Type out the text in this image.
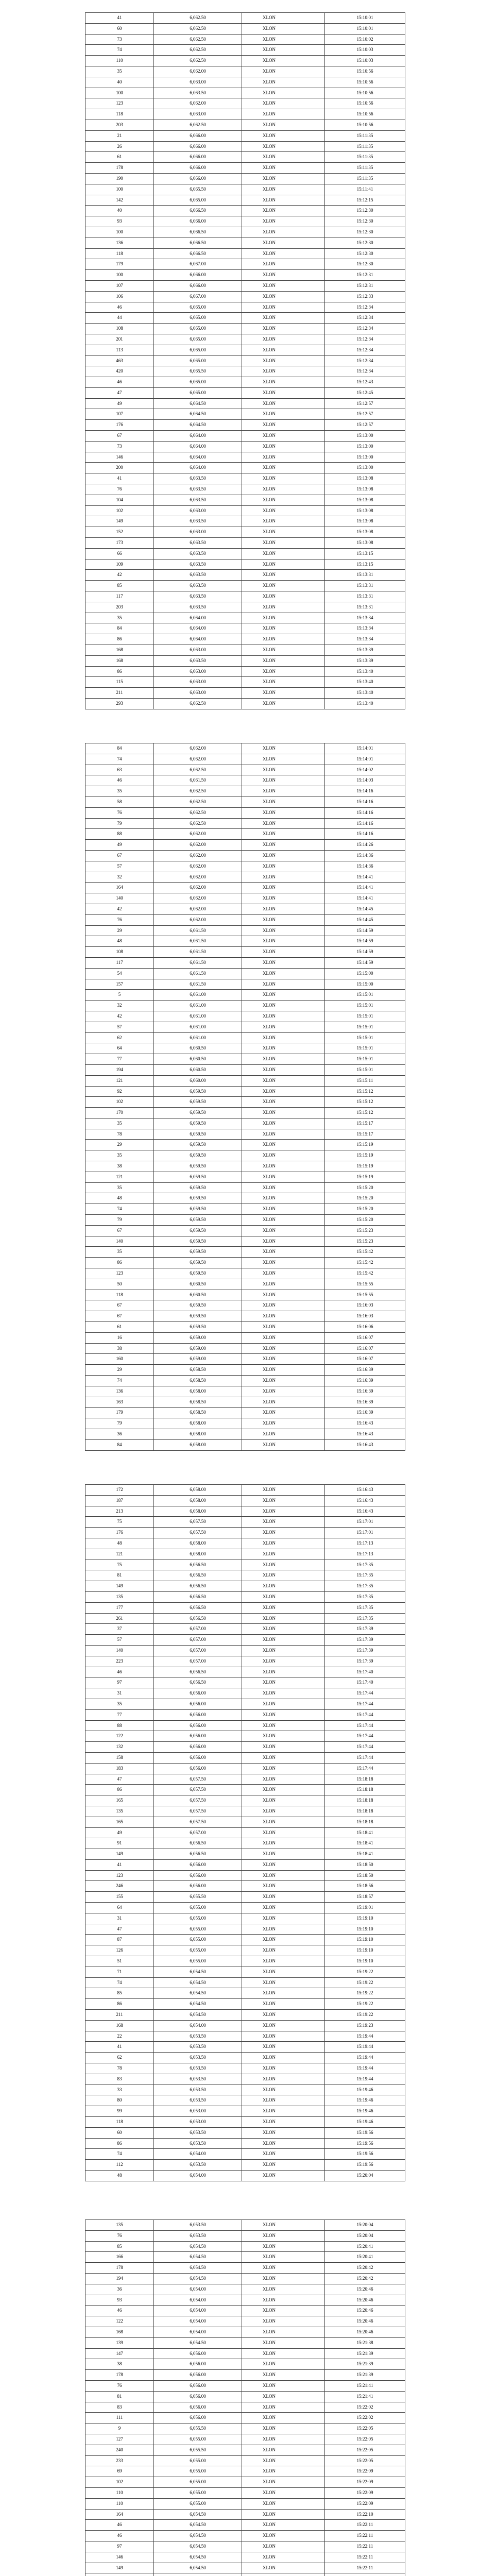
41	6,062.50	XLON	15:10:01
60	6,062.50	XLON	15:10:01
73	6,062.50	XLON	15:10:02
74	6,062.50	XLON	15:10:03
110	6,062.50	XLON	15:10:03
35	6,062.00	XLON	15:10:56
40	6,063.00	XLON	15:10:56
100	6,063.50	XLON	15:10:56
123	6,062.00	XLON	15:10:56
118	6,063.00	XLON	15:10:56
203	6,062.50	XLON	15:10:56
21	6,066.00	XLON	15:11:35
26	6,066.00	XLON	15:11:35
61	6,066.00	XLON	15:11:35
178	6,066.00	XLON	15:11:35
190	6,066.00	XLON	15:11:35
100	6,065.50	XLON	15:11:41
142	6,065.00	XLON	15:12:15
40	6,066.50	XLON	15:12:30
93	6,066.00	XLON	15:12:30
100	6,066.50	XLON	15:12:30
136	6,066.50	XLON	15:12:30
118	6,066.50	XLON	15:12:30
179	6,067.00	XLON	15:12:30
100	6,066.00	XLON	15:12:31
107	6,066.00	XLON	15:12:31
106	6,067.00	XLON	15:12:33
46	6,065.00	XLON	15:12:34
44	6,065.00	XLON	15:12:34
108	6,065.00	XLON	15:12:34
201	6,065.00	XLON	15:12:34
113	6,065.00	XLON	15:12:34
463	6,065.00	XLON	15:12:34
420	6,065.50	XLON	15:12:34
46	6,065.00	XLON	15:12:43
47	6,065.00	XLON	15:12:45
49	6,064.50	XLON	15:12:57
107	6,064.50	XLON	15:12:57
176	6,064.50	XLON	15:12:57
67	6,064.00	XLON	15:13:00
73	6,064.00	XLON	15:13:00
146	6,064.00	XLON	15:13:00
200	6,064.00	XLON	15:13:00
41	6,063.50	XLON	15:13:08
76	6,063.50	XLON	15:13:08
104	6,063.50	XLON	15:13:08
102	6,063.00	XLON	15:13:08
149	6,063.50	XLON	15:13:08
152	6,063.00	XLON	15:13:08
173	6,063.50	XLON	15:13:08
66	6,063.50	XLON	15:13:15
109	6,063.50	XLON	15:13:15
42	6,063.50	XLON	15:13:31
85	6,063.50	XLON	15:13:31
117	6,063.50	XLON	15:13:31
203	6,063.50	XLON	15:13:31
35	6,064.00	XLON	15:13:34
84	6,064.00	XLON	15:13:34
86	6,064.00	XLON	15:13:34
168	6,063.00	XLON	15:13:39
168	6,063.50	XLON	15:13:39
86	6,063.00	XLON	15:13:40
115	6,063.00	XLON	15:13:40
211	6,063.00	XLON	15:13:40
293	6,062.50	XLON	15:13:40
84	6,062.00	XLON	15:14:01
74	6,062.00	XLON	15:14:01
63	6,062.50	XLON	15:14:02
46	6,061.50	XLON	15:14:03
35	6,062.50	XLON	15:14:16
58	6,062.50	XLON	15:14:16
76	6,062.50	XLON	15:14:16
79	6,062.50	XLON	15:14:16
88	6,062.00	XLON	15:14:16
49	6,062.00	XLON	15:14:26
67	6,062.00	XLON	15:14:36
57	6,062.00	XLON	15:14:36
32	6,062.00	XLON	15:14:41
164	6,062.00	XLON	15:14:41
140	6,062.00	XLON	15:14:41
42	6,062.00	XLON	15:14:45
76	6,062.00	XLON	15:14:45
29	6,061.50	XLON	15:14:59
48	6,061.50	XLON	15:14:59
108	6,061.50	XLON	15:14:59
117	6,061.50	XLON	15:14:59
54	6,061.50	XLON	15:15:00
157	6,061.50	XLON	15:15:00
5	6,061.00	XLON	15:15:01
32	6,061.00	XLON	15:15:01
42	6,061.00	XLON	15:15:01
57	6,061.00	XLON	15:15:01
62	6,061.00	XLON	15:15:01
64	6,060.50	XLON	15:15:01
77	6,060.50	XLON	15:15:01
194	6,060.50	XLON	15:15:01
121	6,060.00	XLON	15:15:11
92	6,059.50	XLON	15:15:12
102	6,059.50	XLON	15:15:12
170	6,059.50	XLON	15:15:12
35	6,059.50	XLON	15:15:17
78	6,059.50	XLON	15:15:17
29	6,059.50	XLON	15:15:19
35	6,059.50	XLON	15:15:19
38	6,059.50	XLON	15:15:19
121	6,059.50	XLON	15:15:19
35	6,059.50	XLON	15:15:20
48	6,059.50	XLON	15:15:20
74	6,059.50	XLON	15:15:20
79	6,059.50	XLON	15:15:20
67	6,059.50	XLON	15:15:23
140	6,059.50	XLON	15:15:23
35	6,059.50	XLON	15:15:42
86	6,059.50	XLON	15:15:42
123	6,059.50	XLON	15:15:42
50	6,060.50	XLON	15:15:55
118	6,060.50	XLON	15:15:55
67	6,059.50	XLON	15:16:03
67	6,059.50	XLON	15:16:03
61	6,059.50	XLON	15:16:06
16	6,059.00	XLON	15:16:07
38	6,059.00	XLON	15:16:07
160	6,059.00	XLON	15:16:07
29	6,058.50	XLON	15:16:39
74	6,058.50	XLON	15:16:39
136	6,058.00	XLON	15:16:39
163	6,058.50	XLON	15:16:39
179	6,058.50	XLON	15:16:39
79	6,058.00	XLON	15:16:43
36	6,058.00	XLON	15:16:43
84	6,058.00	XLON	15:16:43
172	6,058.00	XLON	15:16:43
187	6,058.00	XLON	15:16:43
213	6,058.00	XLON	15:16:43
75	6,057.50	XLON	15:17:01
176	6,057.50	XLON	15:17:01
48	6,058.00	XLON	15:17:13
121	6,058.00	XLON	15:17:13
75	6,056.50	XLON	15:17:35
81	6,056.50	XLON	15:17:35
149	6,056.50	XLON	15:17:35
135	6,056.50	XLON	15:17:35
177	6,056.50	XLON	15:17:35
261	6,056.50	XLON	15:17:35
37	6,057.00	XLON	15:17:39
57	6,057.00	XLON	15:17:39
140	6,057.00	XLON	15:17:39
223	6,057.00	XLON	15:17:39
46	6,056.50	XLON	15:17:40
97	6,056.50	XLON	15:17:40
31	6,056.00	XLON	15:17:44
35	6,056.00	XLON	15:17:44
77	6,056.00	XLON	15:17:44
88	6,056.00	XLON	15:17:44
122	6,056.00	XLON	15:17:44
132	6,056.00	XLON	15:17:44
158	6,056.00	XLON	15:17:44
183	6,056.00	XLON	15:17:44
47	6,057.50	XLON	15:18:18
86	6,057.50	XLON	15:18:18
165	6,057.50	XLON	15:18:18
135	6,057.50	XLON	15:18:18
165	6,057.50	XLON	15:18:18
49	6,057.00	XLON	15:18:41
91	6,056.50	XLON	15:18:41
149	6,056.50	XLON	15:18:41
41	6,056.00	XLON	15:18:50
123	6,056.00	XLON	15:18:50
246	6,056.00	XLON	15:18:56
155	6,055.50	XLON	15:18:57
64	6,055.00	XLON	15:19:01
31	6,055.00	XLON	15:19:10
47	6,055.00	XLON	15:19:10
87	6,055.00	XLON	15:19:10
126	6,055.00	XLON	15:19:10
51	6,055.00	XLON	15:19:10
71	6,054.50	XLON	15:19:22
74	6,054.50	XLON	15:19:22
85	6,054.50	XLON	15:19:22
86	6,054.50	XLON	15:19:22
211	6,054.50	XLON	15:19:22
168	6,054.00	XLON	15:19:23
22	6,053.50	XLON	15:19:44
41	6,053.50	XLON	15:19:44
62	6,053.50	XLON	15:19:44
78	6,053.50	XLON	15:19:44
83	6,053.50	XLON	15:19:44
33	6,053.50	XLON	15:19:46
80	6,053.50	XLON	15:19:46
99	6,053.00	XLON	15:19:46
118	6,053.00	XLON	15:19:46
60	6,053.50	XLON	15:19:56
86	6,053.50	XLON	15:19:56
74	6,054.00	XLON	15:19:56
112	6,053.50	XLON	15:19:56
48	6,054.00	XLON	15:20:04
135	6,053.50	XLON	15:20:04
76	6,053.50	XLON	15:20:04
85	6,054.50	XLON	15:20:41
166	6,054.50	XLON	15:20:41
178	6,054.50	XLON	15:20:42
194	6,054.50	XLON	15:20:42
36	6,054.00	XLON	15:20:46
93	6,054.00	XLON	15:20:46
46	6,054.00	XLON	15:20:46
122	6,054.00	XLON	15:20:46
168	6,054.00	XLON	15:20:46
139	6,054.50	XLON	15:21:38
147	6,056.00	XLON	15:21:39
38	6,056.00	XLON	15:21:39
178	6,056.00	XLON	15:21:39
76	6,056.00	XLON	15:21:41
81	6,056.00	XLON	15:21:41
83	6,056.00	XLON	15:22:02
111	6,056.00	XLON	15:22:02
9	6,055.50	XLON	15:22:05
127	6,055.00	XLON	15:22:05
240	6,055.50	XLON	15:22:05
233	6,055.00	XLON	15:22:05
69	6,055.00	XLON	15:22:09
102	6,055.00	XLON	15:22:09
110	6,055.00	XLON	15:22:09
110	6,055.00	XLON	15:22:09
164	6,054.50	XLON	15:22:10
46	6,054.50	XLON	15:22:11
46	6,054.50	XLON	15:22:11
97	6,054.50	XLON	15:22:11
146	6,054.50	XLON	15:22:11
149	6,054.50	XLON	15:22:11
